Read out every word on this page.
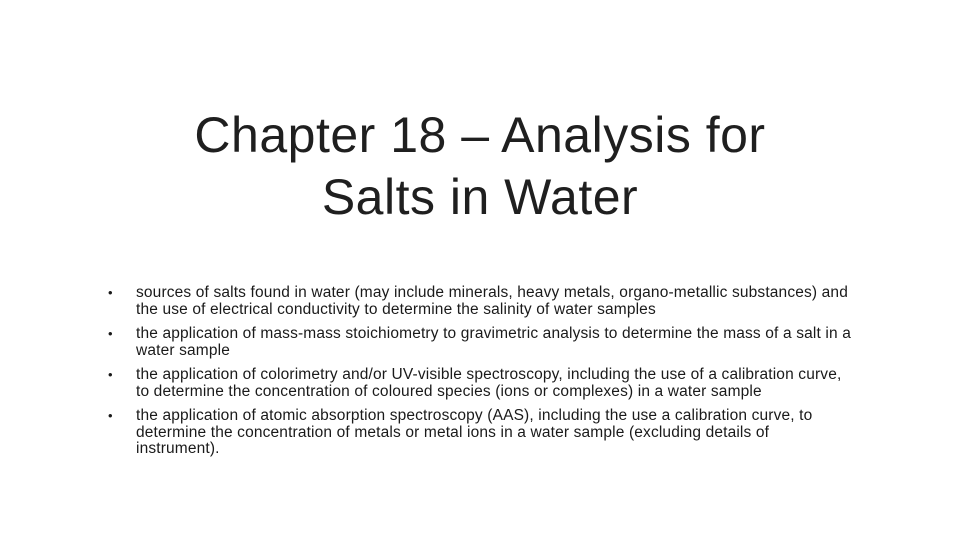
Chapter 18 – Analysis for
Salts in Water
•	sources of salts found in water (may include minerals, heavy metals, organo-metallic substances) and the use of electrical conductivity to determine the salinity of water samples
•	the application of mass-mass stoichiometry to gravimetric analysis to determine the mass of a salt in a water sample
•	the application of colorimetry and/or UV-visible spectroscopy, including the use of a calibration curve, to determine the concentration of coloured species (ions or complexes) in a water sample
•	the application of atomic absorption spectroscopy (AAS), including the use a calibration curve, to determine the concentration of metals or metal ions in a water sample (excluding details of instrument).
